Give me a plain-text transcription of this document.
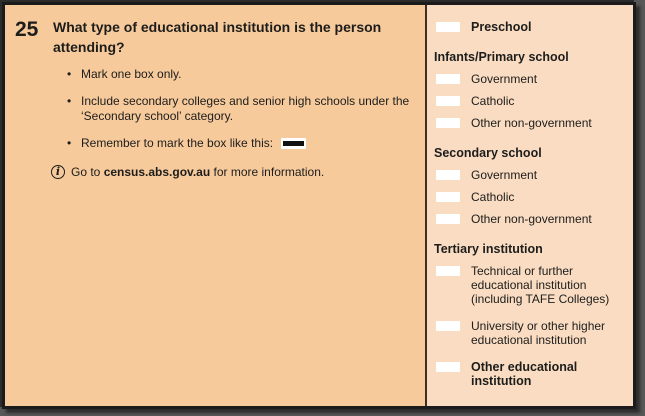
25	What type of educational institution is the person attending?
• Mark one box only.
• Include secondary colleges and senior high schools under the ‘Secondary school’ category.
• Remember to mark the box like this:
i Go to census.abs.gov.au for more information.
Preschool
Infants/Primary school
Government
Catholic
Other non-government
Secondary school
Government
Catholic
Other non-government
Tertiary institution
Technical or further educational institution (including TAFE Colleges)
University or other higher educational institution
Other educational institution
